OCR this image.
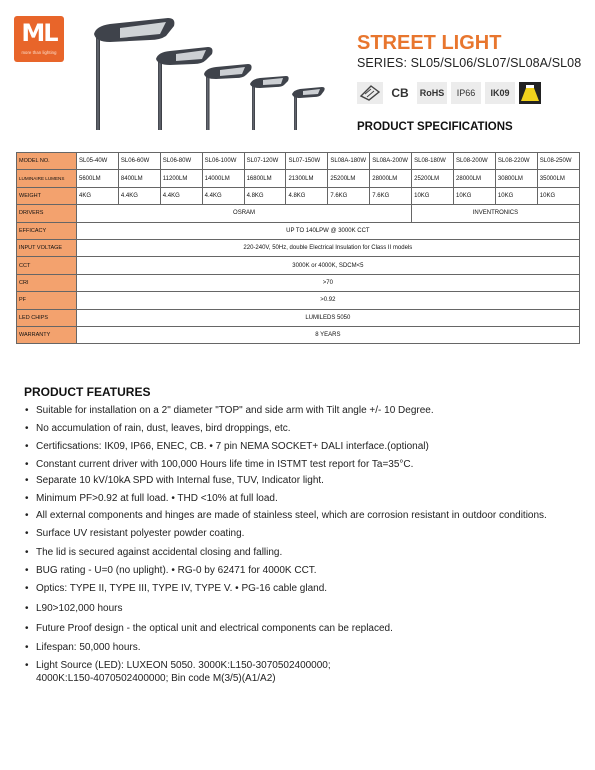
ML
more than lighting	STREET LIGHT
SERIES: SL05/SL06/SL07/SL08A/SL08
CB	RoHS	IP66	IK09
PRODUCT SPECIFICATIONS
MODEL NO.	SL05-40W	SL06-60W	SL06-80W	SL06-100W	SL07-120W	SL07-150W	SL08A-180W	SL08A-200W	SL08-180W	SL08-200W	SL08-220W	SL08-250W
LUMINAIRE LUMENS	5600LM	8400LM	11200LM	14000LM	16800LM	21300LM	25200LM	28000LM	25200LM	28000LM	30800LM	35000LM
WEIGHT	4KG	4.4KG	4.4KG	4.4KG	4.8KG	4.8KG	7.6KG	7.6KG	10KG	10KG	10KG	10KG
DRIVERS	OSRAM								INVENTRONICS			
EFFICACY	UP TO 140LPW @ 3000K CCT											
INPUT VOLTAGE	220-240V, 50Hz, double Electrical Insulation for Class II models											
CCT	3000K or 4000K, SDCM<5											
CRI	>70											
PF	>0.92											
LED CHIPS	LUMILEDS 5050											
WARRANTY	8 YEARS											
PRODUCT FEATURES
• Suitable for installation on a 2" diameter "TOP" and side arm with Tilt angle +/- 10 Degree.
• No accumulation of rain, dust, leaves, bird droppings, etc.
• Certificsations: IK09, IP66, ENEC, CB. • 7 pin NEMA SOCKET+ DALI interface.(optional)
• Constant current driver with 100,000 Hours life time in ISTMT test report for Ta=35°C.
• Separate 10 kV/10kA SPD with Internal fuse, TUV, Indicator light.
• Minimum PF>0.92 at full load. • THD <10% at full load.
• All external components and hinges are made of stainless steel, which are corrosion resistant in outdoor conditions.
• Surface UV resistant polyester powder coating.
• The lid is secured against accidental closing and falling.
• BUG rating - U=0 (no uplight). • RG-0 by 62471 for 4000K CCT.
• Optics: TYPE II, TYPE III, TYPE IV, TYPE V. • PG-16 cable gland.
• L90>102,000 hours
• Future Proof design - the optical unit and electrical components can be replaced.
• Lifespan: 50,000 hours.
• Light Source (LED): LUXEON 5050. 3000K:L150-3070502400000;
4000K:L150-4070502400000; Bin code M(3/5)(A1/A2)
